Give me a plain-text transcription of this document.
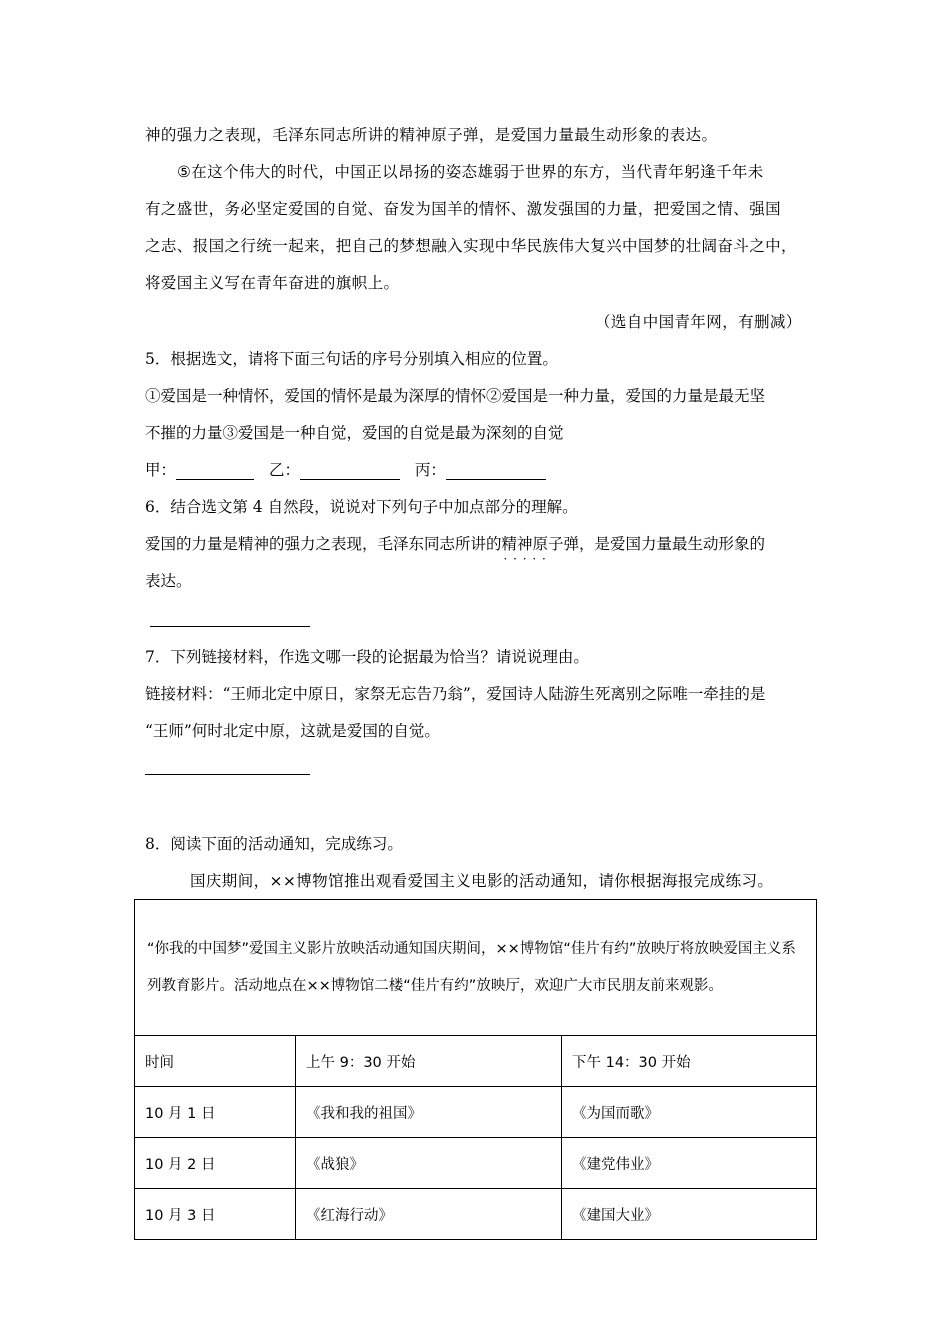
神的强力之表现，毛泽东同志所讲的精神原子弹，是爱国力量最生动形象的表达。
⑤在这个伟大的时代，中国正以昂扬的姿态雄弱于世界的东方，当代青年躬逢千年未
有之盛世，务必坚定爱国的自觉、奋发为国羊的情怀、激发强国的力量，把爱国之情、强国
之志、报国之行统一起来，把自己的梦想融入实现中华民族伟大复兴中国梦的壮阔奋斗之中，
将爱国主义写在青年奋进的旗帜上。
（选自中国青年网，有删减）
5．根据选文，请将下面三句话的序号分别填入相应的位置。
①爱国是一种情怀，爱国的情怀是最为深厚的情怀②爱国是一种力量，爱国的力量是最无坚
不摧的力量③爱国是一种自觉，爱国的自觉是最为深刻的自觉
甲：	乙：	丙：
6．结合选文第 4 自然段，说说对下列句子中加点部分的理解。
爱国的力量是精神的强力之表现，毛泽东同志所讲的精神原子弹 · · ·，是爱国力量最生动形象的
表达。
7．下列链接材料，作选文哪一段的论据最为恰当？请说说理由。
链接材料：“王师北定中原日，家祭无忘告乃翁”，爱国诗人陆游生死离别之际唯一牵挂的是
“王师”何时北定中原，这就是爱国的自觉。
8．阅读下面的活动通知，完成练习。
国庆期间，××博物馆推出观看爱国主义电影的活动通知，请你根据海报完成练习。
“你我的中国梦”爱国主义影片放映活动通知国庆期间，××博物馆“佳片有约”放映厅将放映爱国主义系列教育影片。活动地点在××博物馆二楼“佳片有约”放映厅，欢迎广大市民朋友前来观影。		
时间	上午 9：30 开始	下午 14：30 开始
10 月 1 日	《我和我的祖国》	《为国而歌》
10 月 2 日	《战狼》	《建党伟业》
10 月 3 日	《红海行动》	《建国大业》
